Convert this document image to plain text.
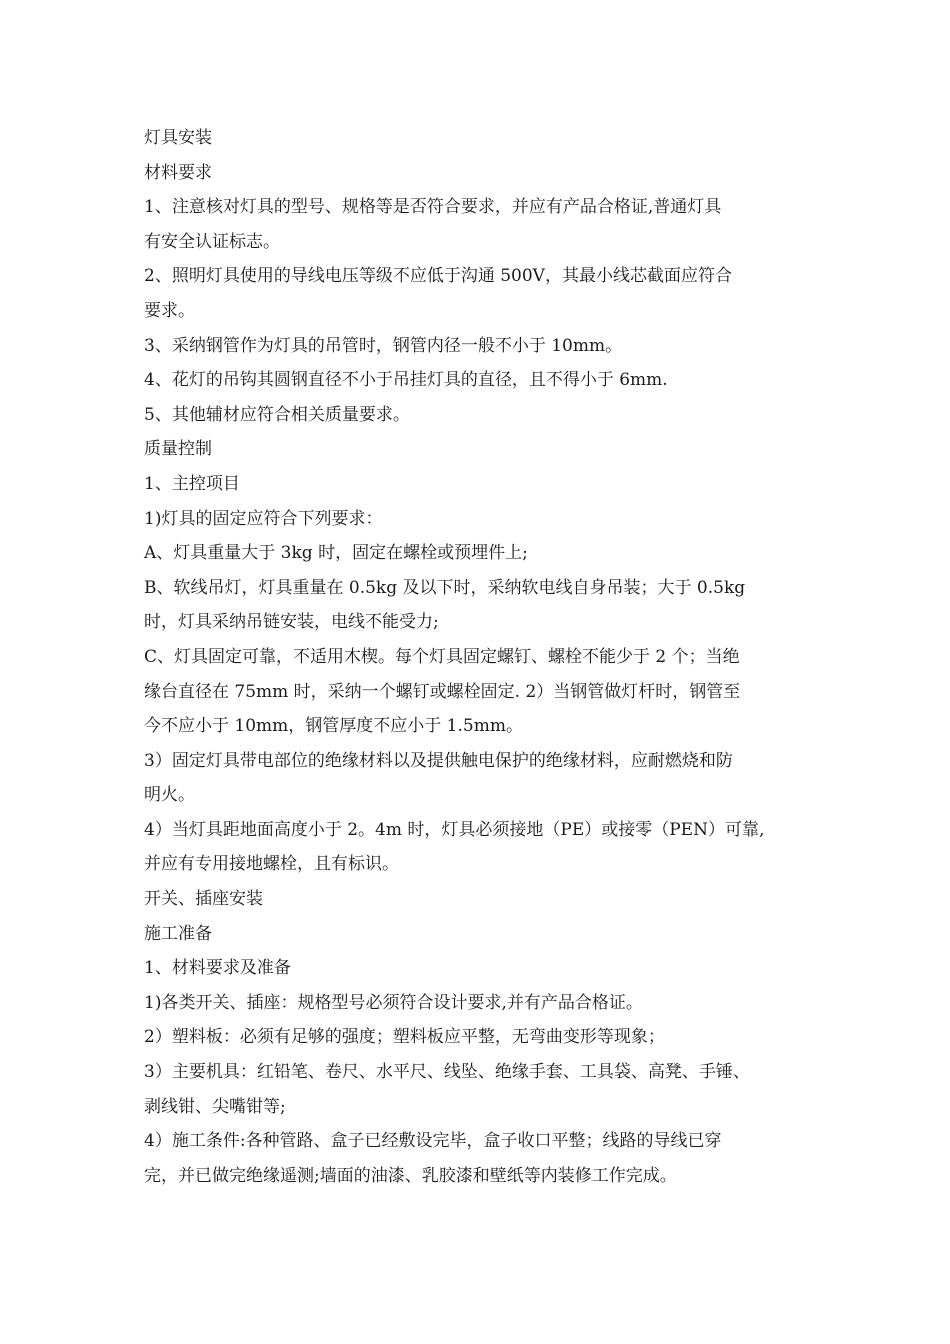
灯具安装

材料要求

1、注意核对灯具的型号、规格等是否符合要求，并应有产品合格证,普通灯具

有安全认证标志。

2、照明灯具使用的导线电压等级不应低于沟通 500V，其最小线芯截面应符合

要求。

3、采纳钢管作为灯具的吊管时，钢管内径一般不小于 10mm。

4、花灯的吊钩其圆钢直径不小于吊挂灯具的直径，且不得小于 6mm.

5、其他辅材应符合相关质量要求。

质量控制

1、主控项目

1)灯具的固定应符合下列要求：

A、灯具重量大于 3kg 时，固定在螺栓或预埋件上;

B、软线吊灯，灯具重量在 0.5kg 及以下时，采纳软电线自身吊装；大于 0.5kg

时，灯具采纳吊链安装，电线不能受力;

C、灯具固定可靠，不适用木楔。每个灯具固定螺钉、螺栓不能少于 2 个；当绝

缘台直径在 75mm 时，采纳一个螺钉或螺栓固定. 2）当钢管做灯杆时，钢管至

今不应小于 10mm，钢管厚度不应小于 1.5mm。

3）固定灯具带电部位的绝缘材料以及提供触电保护的绝缘材料，应耐燃烧和防

明火。

4）当灯具距地面高度小于 2。4m 时，灯具必须接地（PE）或接零（PEN）可靠,

并应有专用接地螺栓，且有标识。

开关、插座安装

施工准备

1、材料要求及准备

1)各类开关、插座：规格型号必须符合设计要求,并有产品合格证。

2）塑料板：必须有足够的强度；塑料板应平整，无弯曲变形等现象；

3）主要机具：红铅笔、卷尺、水平尺、线坠、绝缘手套、工具袋、高凳、手锤、

剥线钳、尖嘴钳等;

4）施工条件:各种管路、盒子已经敷设完毕，盒子收口平整；线路的导线已穿

完，并已做完绝缘遥测;墙面的油漆、乳胶漆和壁纸等内装修工作完成。
